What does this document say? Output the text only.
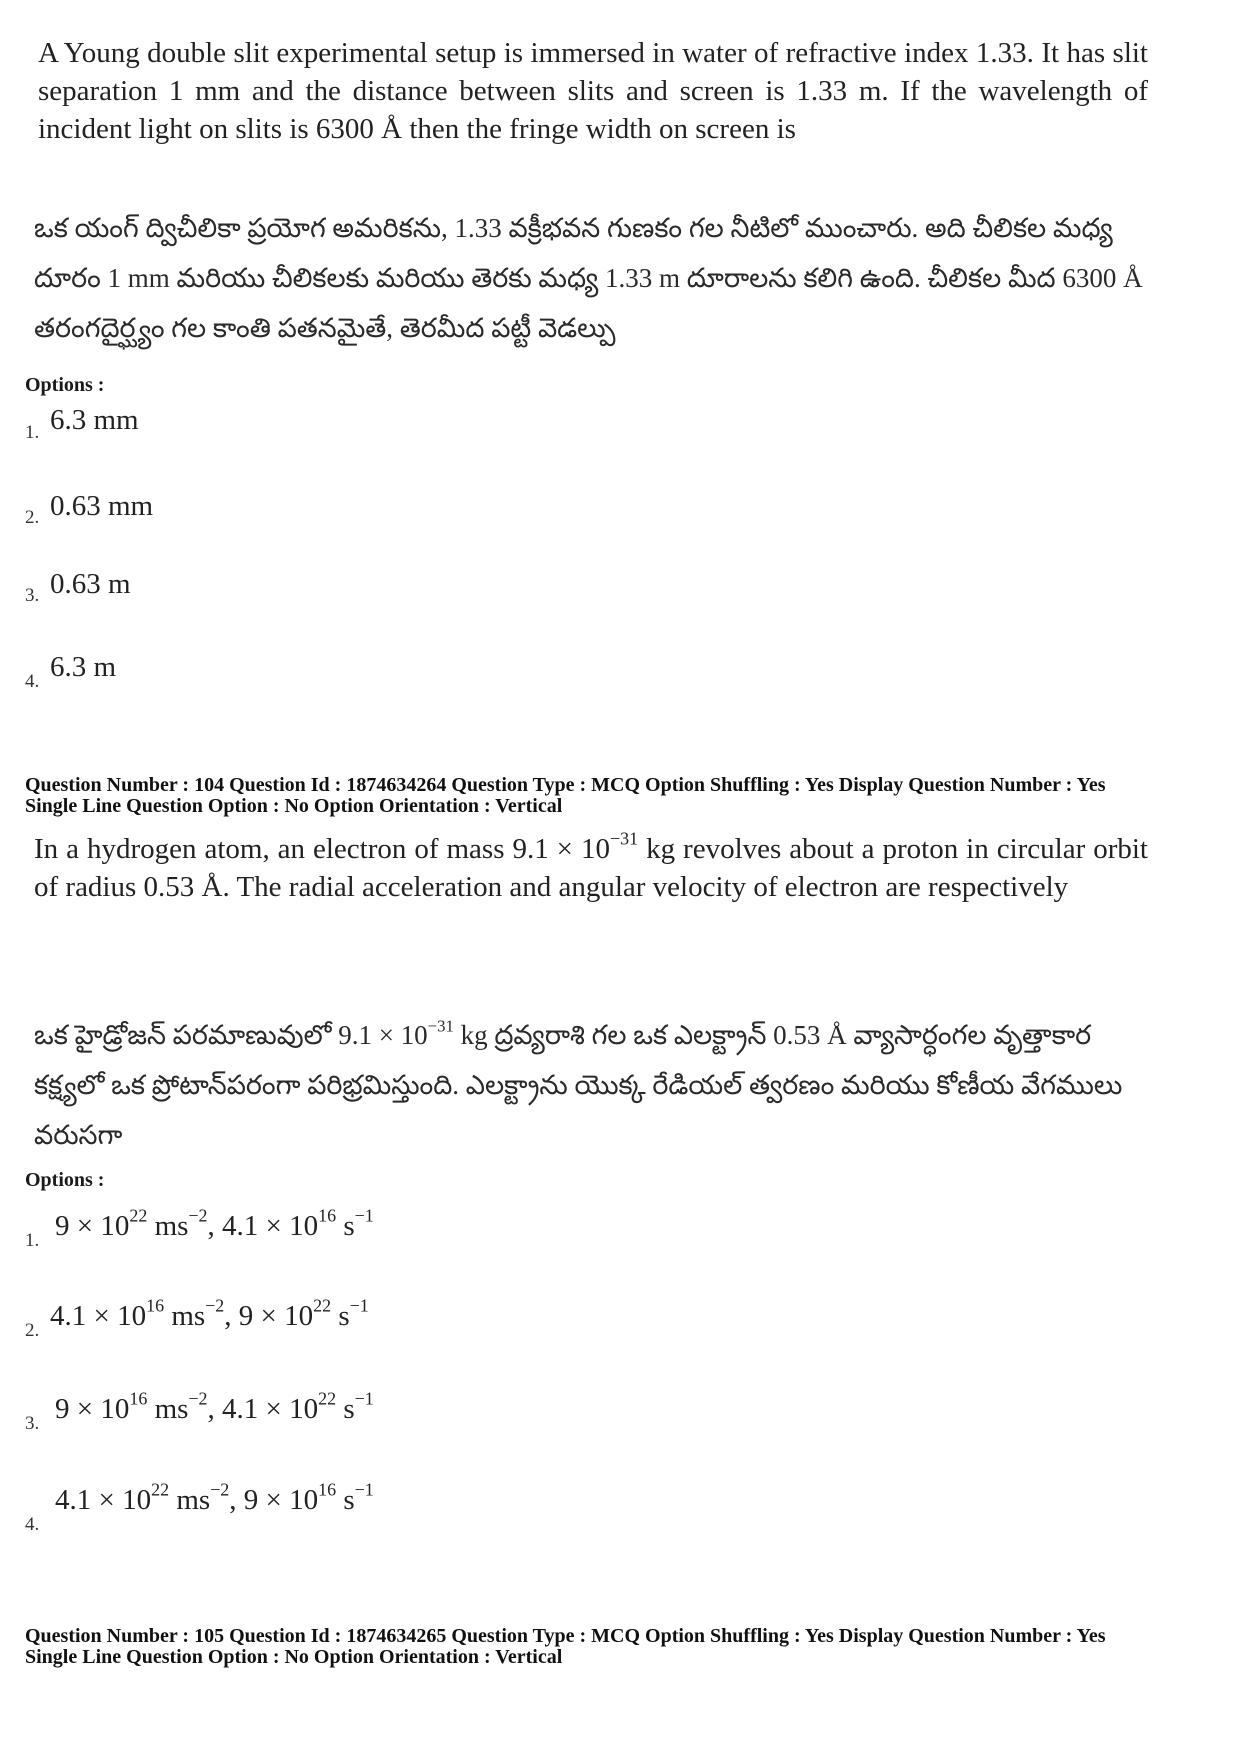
A Young double slit experimental setup is immersed in water of refractive index 1.33. It has slit separation 1 mm and the distance between slits and screen is 1.33 m. If the wavelength of incident light on slits is 6300 Å then the fringe width on screen is
ఒక యంగ్ ద్విచీలికా ప్రయోగ అమరికను, 1.33 వక్రీభవన గుణకం గల నీటిలో ముంచారు. అది చీలికల మధ్య దూరం 1 mm మరియు చీలికలకు మరియు తెరకు మధ్య 1.33 m దూరాలను కలిగి ఉంది. చీలికల మీద 6300 Å తరంగదైర్ఘ్యం గల కాంతి పతనమైతే, తెరమీద పట్టీ వెడల్పు
Options :
1. 6.3 mm
2. 0.63 mm
3. 0.63 m
4. 6.3 m
Question Number : 104 Question Id : 1874634264 Question Type : MCQ Option Shuffling : Yes Display Question Number : Yes
Single Line Question Option : No Option Orientation : Vertical
In a hydrogen atom, an electron of mass $9.1 \times 10^{-31}$ kg revolves about a proton in circular orbit of radius 0.53 Å. The radial acceleration and angular velocity of electron are respectively
ఒక హైడ్రోజన్ పరమాణువులో $9.1 \times 10^{-31}$ kg ద్రవ్యరాశి గల ఒక ఎలక్ట్రాన్ 0.53 Å వ్యాసార్ధంగల వృత్తాకార కక్ష్యలో ఒక ప్రోటాన్‌పరంగా పరిభ్రమిస్తుంది. ఎలక్ట్రాను యొక్క రేడియల్ త్వరణం మరియు కోణీయ వేగములు వరుసగా
Options :
1. $9 \times 10^{22}$ $ms^{-2}$, $4.1 \times 10^{16}$ $s^{-1}$
2. $4.1 \times 10^{16}$ $ms^{-2}$, $9 \times 10^{22}$ $s^{-1}$
3. $9 \times 10^{16}$ $ms^{-2}$, $4.1 \times 10^{22}$ $s^{-1}$
4.
$4.1 \times 10^{22}$ $ms^{-2}$, $9 \times 10^{16}$ $s^{-1}$
Question Number : 105 Question Id : 1874634265 Question Type : MCQ Option Shuffling : Yes Display Question Number : Yes
Single Line Question Option : No Option Orientation : Vertical
